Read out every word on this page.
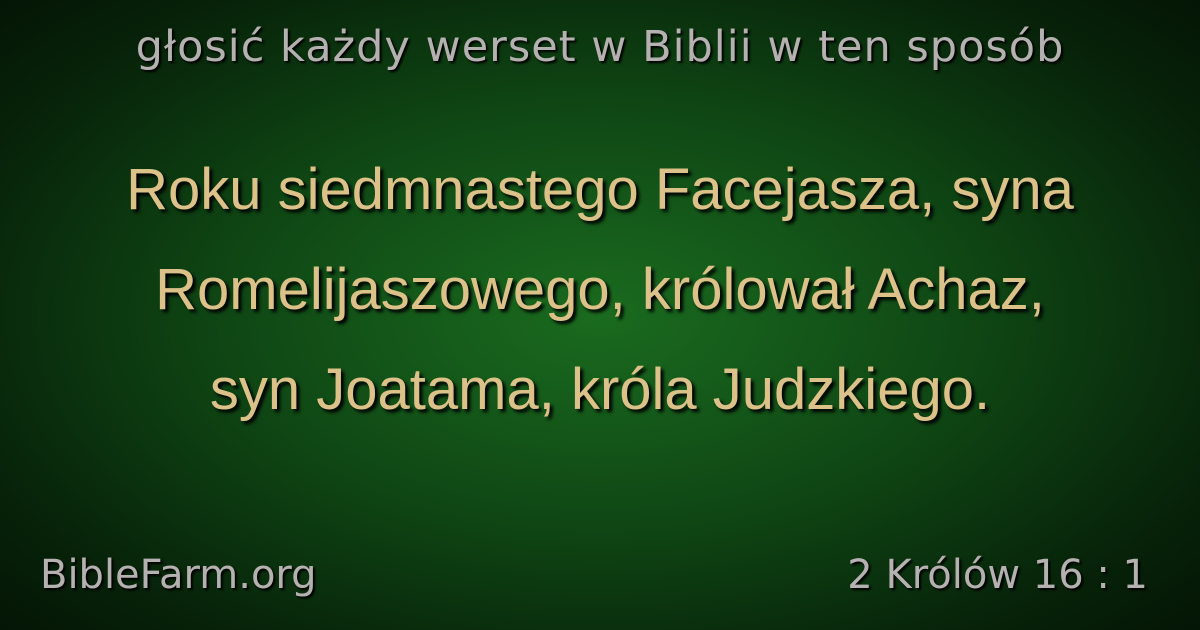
głosić każdy werset w Biblii w ten sposób
Roku siedmnastego Facejasza, syna
Romelijaszowego, królował Achaz,
syn Joatama, króla Judzkiego.
BibleFarm.org	2 Królów 16 : 1
